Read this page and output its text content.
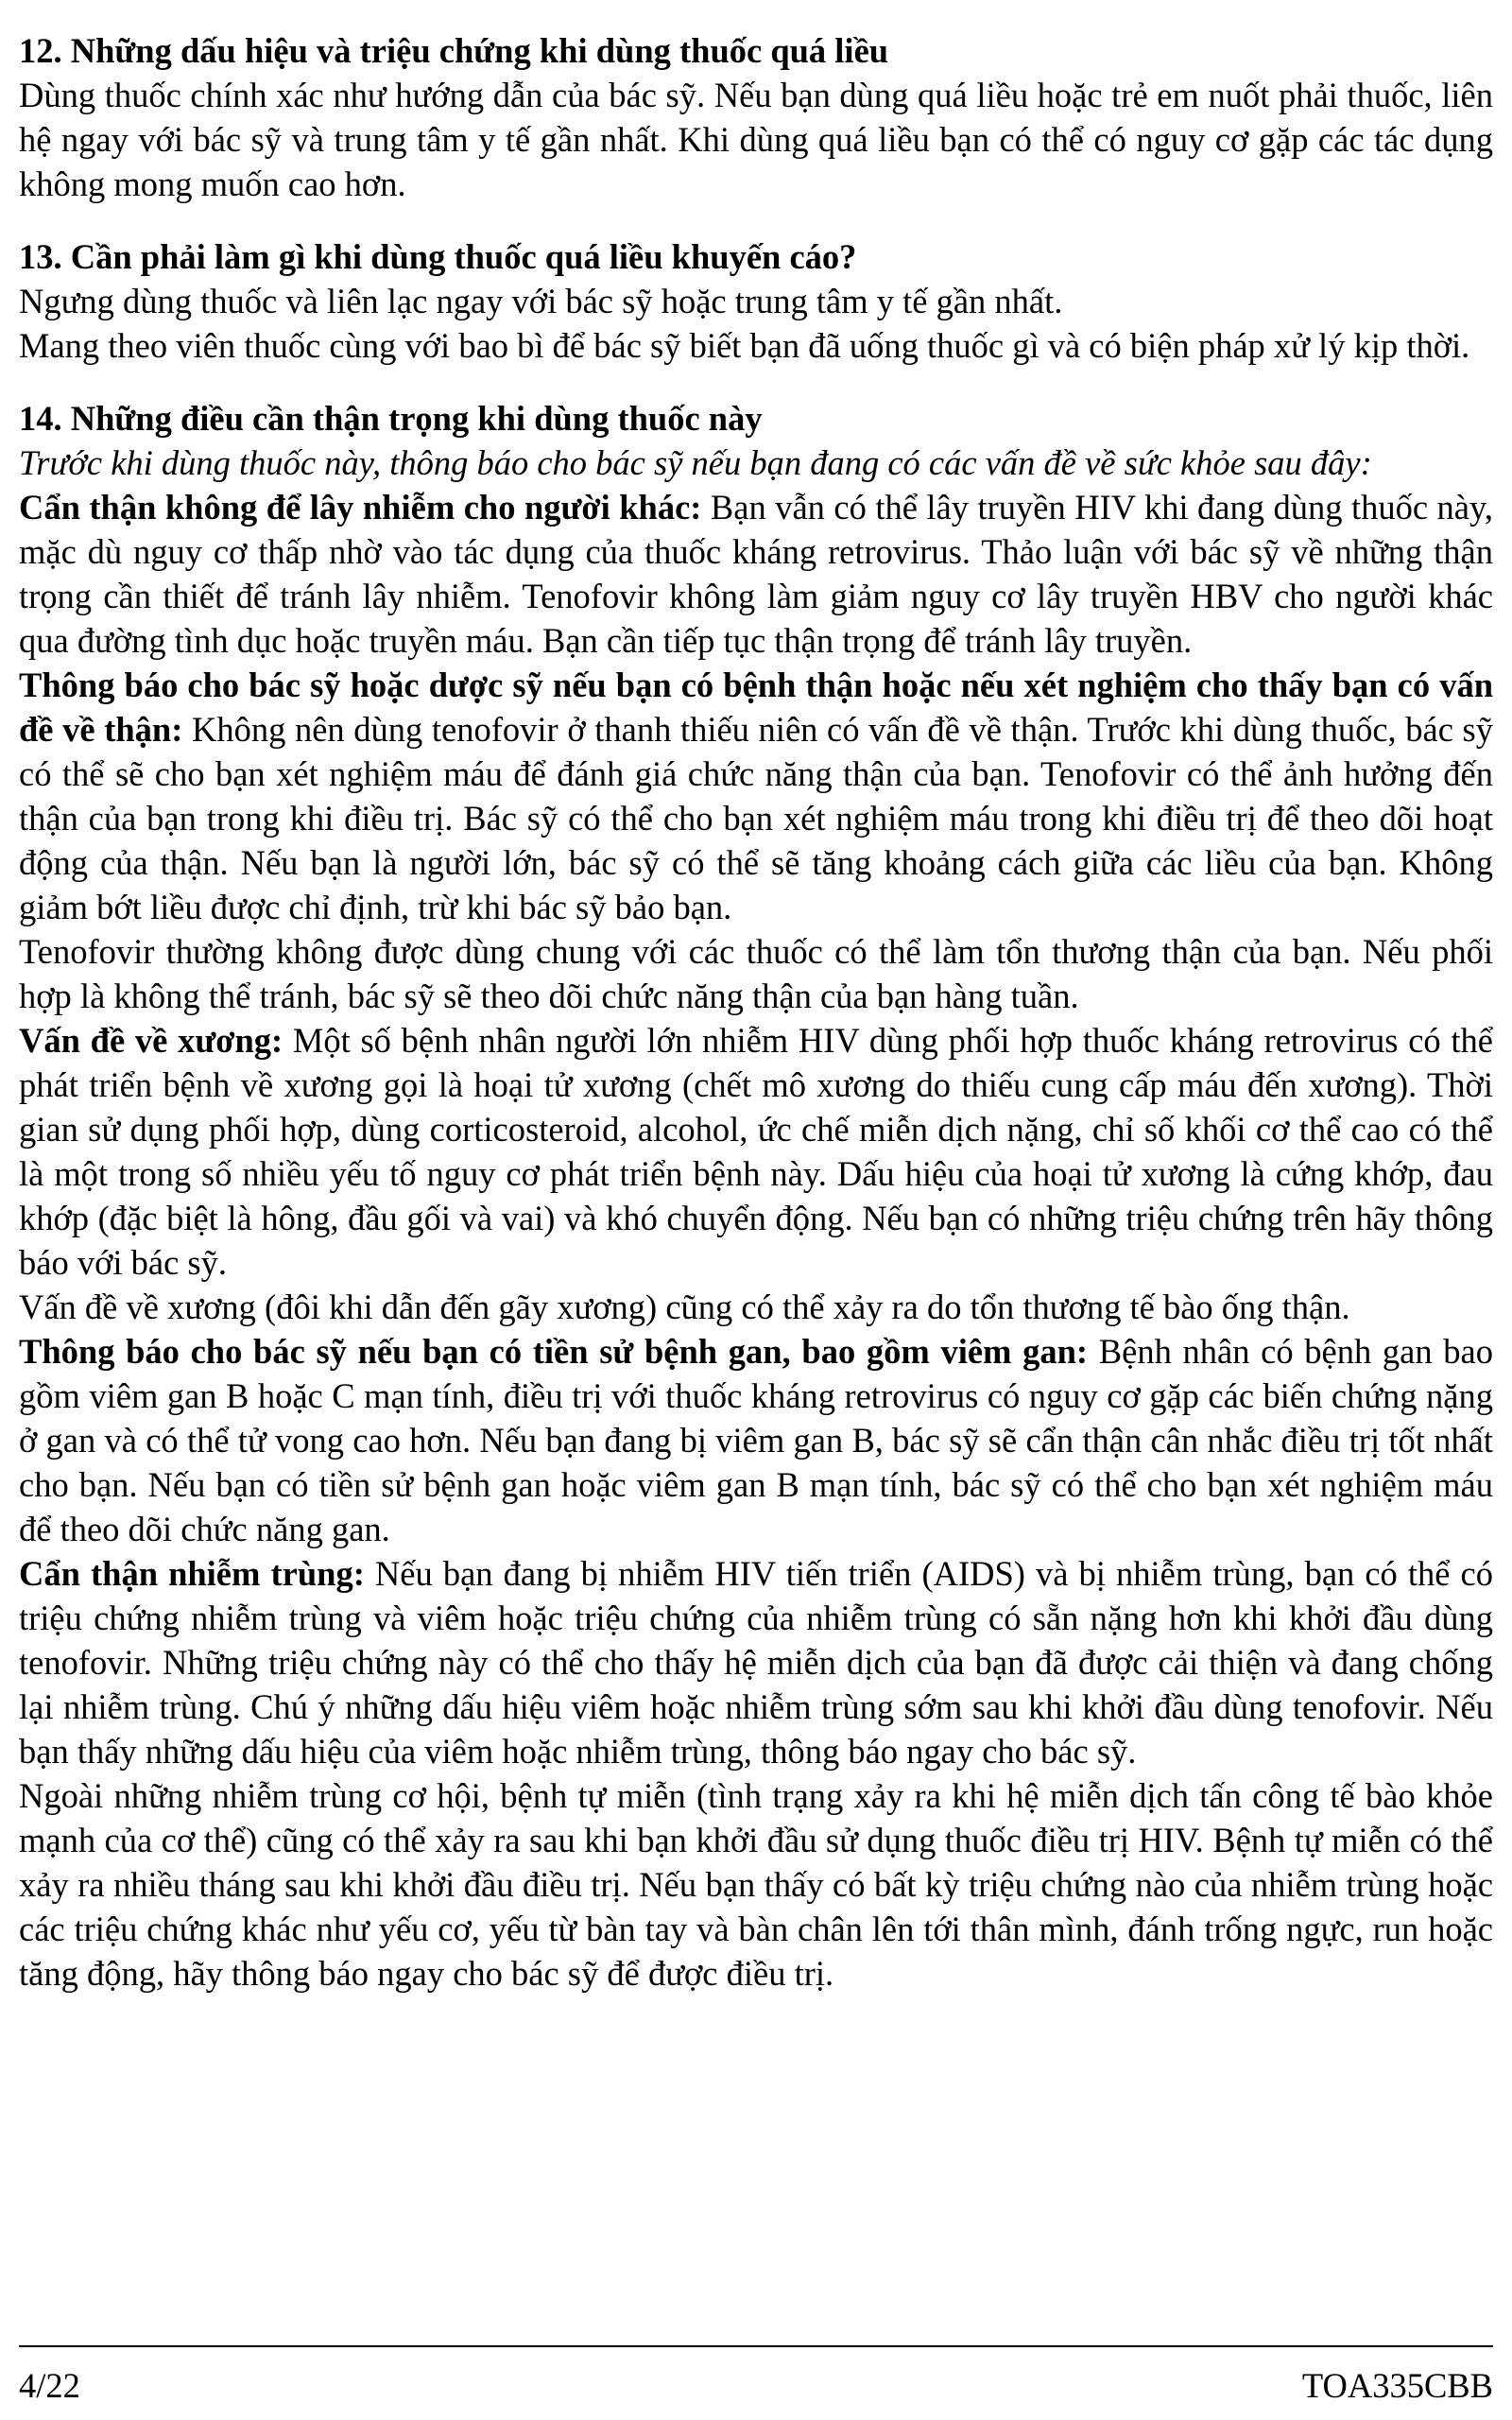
12. Những dấu hiệu và triệu chứng khi dùng thuốc quá liều

Dùng thuốc chính xác như hướng dẫn của bác sỹ. Nếu bạn dùng quá liều hoặc trẻ em nuốt phải thuốc, liên hệ ngay với bác sỹ và trung tâm y tế gần nhất. Khi dùng quá liều bạn có thể có nguy cơ gặp các tác dụng không mong muốn cao hơn.

13. Cần phải làm gì khi dùng thuốc quá liều khuyến cáo?

Ngưng dùng thuốc và liên lạc ngay với bác sỹ hoặc trung tâm y tế gần nhất.

Mang theo viên thuốc cùng với bao bì để bác sỹ biết bạn đã uống thuốc gì và có biện pháp xử lý kịp thời.

14. Những điều cần thận trọng khi dùng thuốc này

Trước khi dùng thuốc này, thông báo cho bác sỹ nếu bạn đang có các vấn đề về sức khỏe sau đây:

Cẩn thận không để lây nhiễm cho người khác: Bạn vẫn có thể lây truyền HIV khi đang dùng thuốc này, mặc dù nguy cơ thấp nhờ vào tác dụng của thuốc kháng retrovirus. Thảo luận với bác sỹ về những thận trọng cần thiết để tránh lây nhiễm. Tenofovir không làm giảm nguy cơ lây truyền HBV cho người khác qua đường tình dục hoặc truyền máu. Bạn cần tiếp tục thận trọng để tránh lây truyền.

Thông báo cho bác sỹ hoặc dược sỹ nếu bạn có bệnh thận hoặc nếu xét nghiệm cho thấy bạn có vấn đề về thận: Không nên dùng tenofovir ở thanh thiếu niên có vấn đề về thận. Trước khi dùng thuốc, bác sỹ có thể sẽ cho bạn xét nghiệm máu để đánh giá chức năng thận của bạn. Tenofovir có thể ảnh hưởng đến thận của bạn trong khi điều trị. Bác sỹ có thể cho bạn xét nghiệm máu trong khi điều trị để theo dõi hoạt động của thận. Nếu bạn là người lớn, bác sỹ có thể sẽ tăng khoảng cách giữa các liều của bạn. Không giảm bớt liều được chỉ định, trừ khi bác sỹ bảo bạn.

Tenofovir thường không được dùng chung với các thuốc có thể làm tổn thương thận của bạn. Nếu phối hợp là không thể tránh, bác sỹ sẽ theo dõi chức năng thận của bạn hàng tuần.

Vấn đề về xương: Một số bệnh nhân người lớn nhiễm HIV dùng phối hợp thuốc kháng retrovirus có thể phát triển bệnh về xương gọi là hoại tử xương (chết mô xương do thiếu cung cấp máu đến xương). Thời gian sử dụng phối hợp, dùng corticosteroid, alcohol, ức chế miễn dịch nặng, chỉ số khối cơ thể cao có thể là một trong số nhiều yếu tố nguy cơ phát triển bệnh này. Dấu hiệu của hoại tử xương là cứng khớp, đau khớp (đặc biệt là hông, đầu gối và vai) và khó chuyển động. Nếu bạn có những triệu chứng trên hãy thông báo với bác sỹ.

Vấn đề về xương (đôi khi dẫn đến gãy xương) cũng có thể xảy ra do tổn thương tế bào ống thận.

Thông báo cho bác sỹ nếu bạn có tiền sử bệnh gan, bao gồm viêm gan: Bệnh nhân có bệnh gan bao gồm viêm gan B hoặc C mạn tính, điều trị với thuốc kháng retrovirus có nguy cơ gặp các biến chứng nặng ở gan và có thể tử vong cao hơn. Nếu bạn đang bị viêm gan B, bác sỹ sẽ cẩn thận cân nhắc điều trị tốt nhất cho bạn. Nếu bạn có tiền sử bệnh gan hoặc viêm gan B mạn tính, bác sỹ có thể cho bạn xét nghiệm máu để theo dõi chức năng gan.

Cẩn thận nhiễm trùng: Nếu bạn đang bị nhiễm HIV tiến triển (AIDS) và bị nhiễm trùng, bạn có thể có triệu chứng nhiễm trùng và viêm hoặc triệu chứng của nhiễm trùng có sẵn nặng hơn khi khởi đầu dùng tenofovir. Những triệu chứng này có thể cho thấy hệ miễn dịch của bạn đã được cải thiện và đang chống lại nhiễm trùng. Chú ý những dấu hiệu viêm hoặc nhiễm trùng sớm sau khi khởi đầu dùng tenofovir. Nếu bạn thấy những dấu hiệu của viêm hoặc nhiễm trùng, thông báo ngay cho bác sỹ.

Ngoài những nhiễm trùng cơ hội, bệnh tự miễn (tình trạng xảy ra khi hệ miễn dịch tấn công tế bào khỏe mạnh của cơ thể) cũng có thể xảy ra sau khi bạn khởi đầu sử dụng thuốc điều trị HIV. Bệnh tự miễn có thể xảy ra nhiều tháng sau khi khởi đầu điều trị. Nếu bạn thấy có bất kỳ triệu chứng nào của nhiễm trùng hoặc các triệu chứng khác như yếu cơ, yếu từ bàn tay và bàn chân lên tới thân mình, đánh trống ngực, run hoặc tăng động, hãy thông báo ngay cho bác sỹ để được điều trị.

4/22	TOA335CBB
